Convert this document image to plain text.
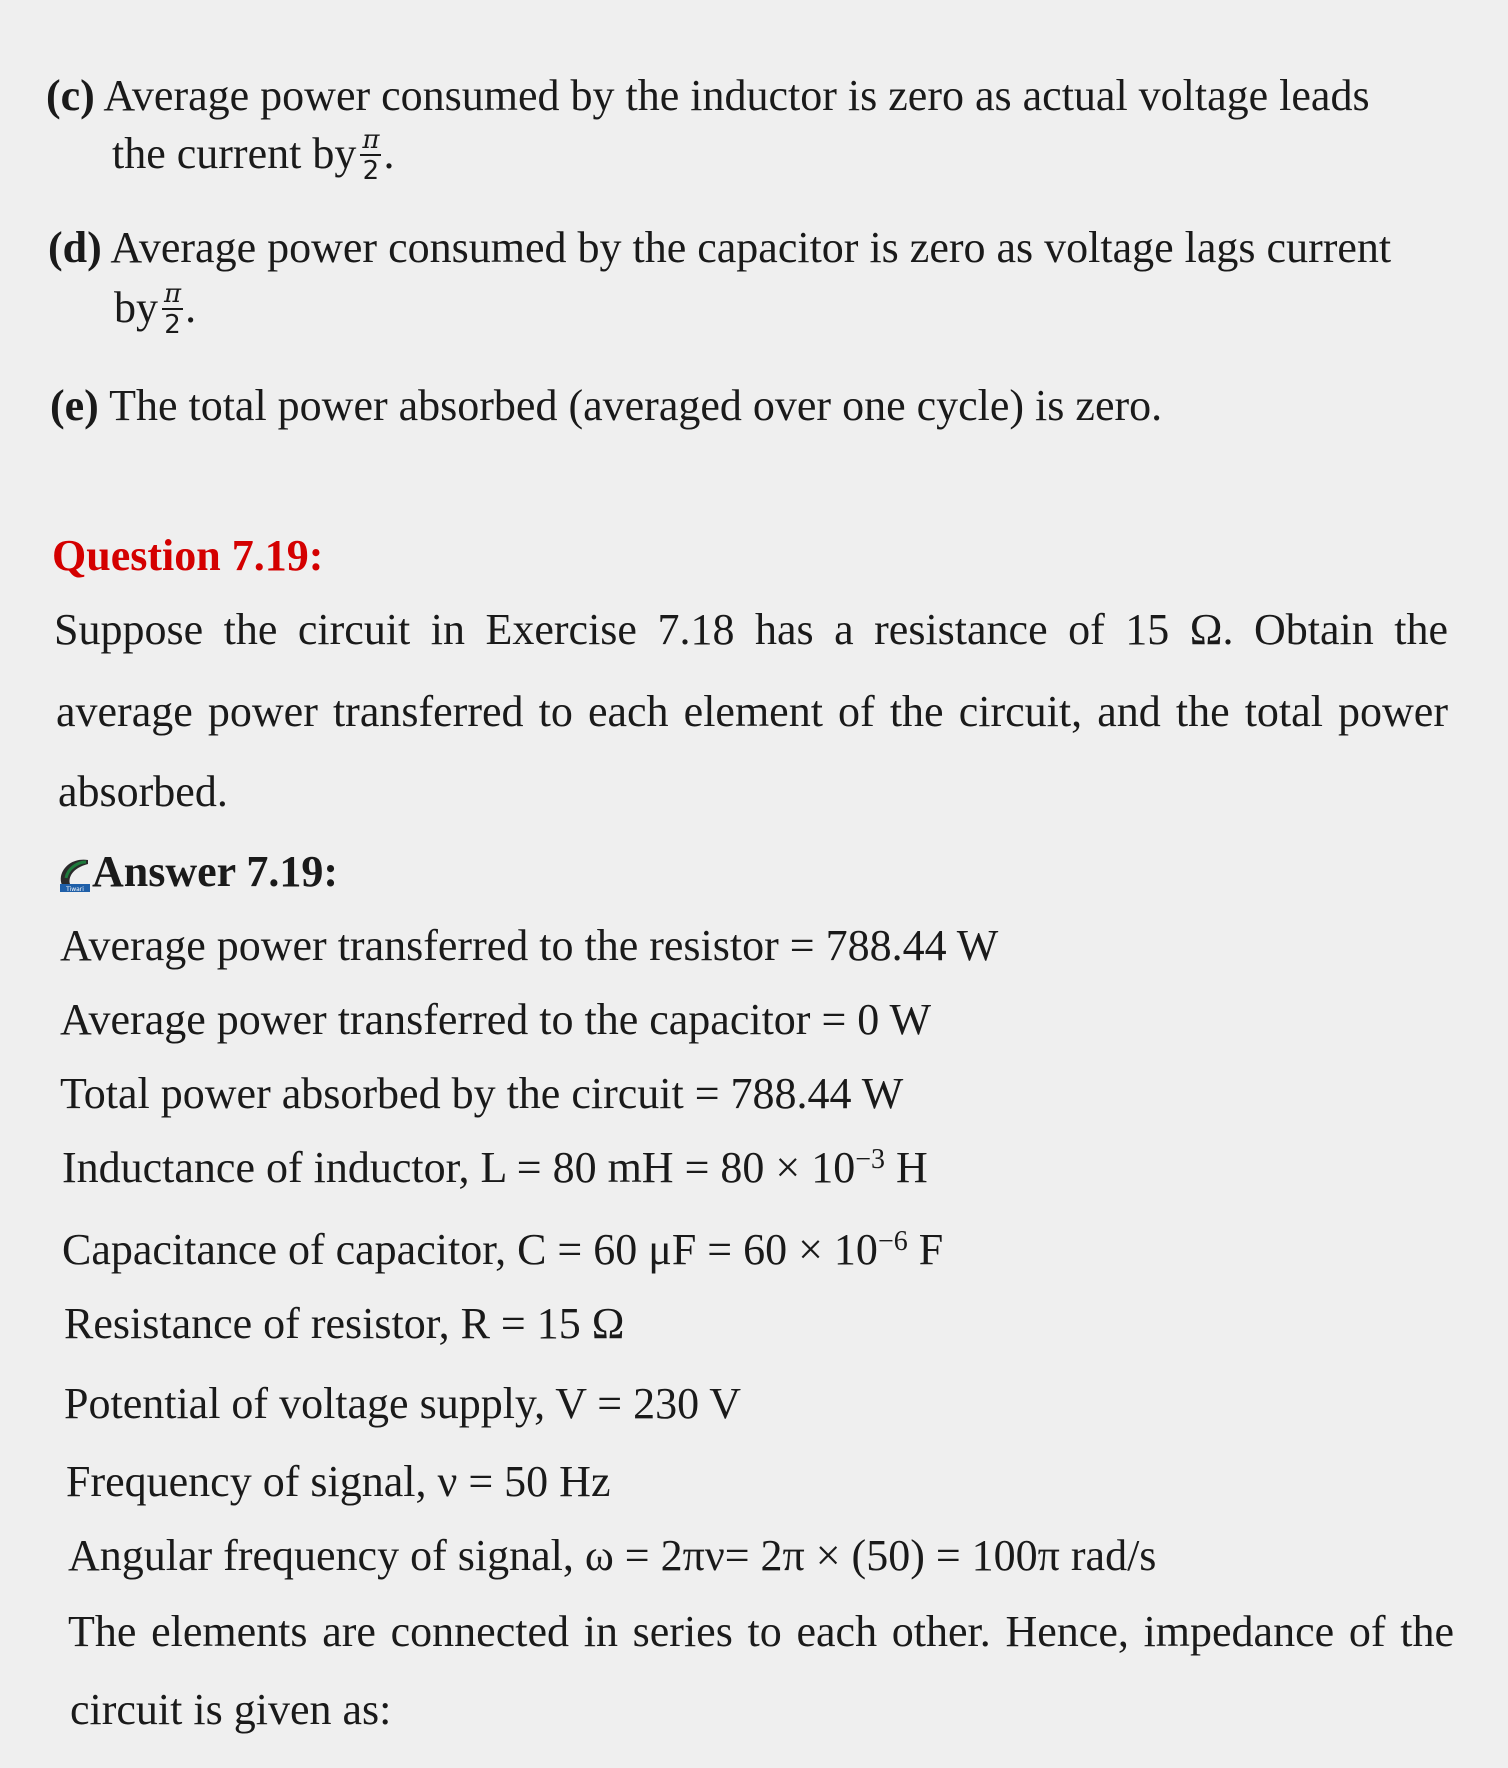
(c) Average power consumed by the inductor is zero as actual voltage leads
the current by $\frac{\pi}{2}$ .
(d) Average power consumed by the capacitor is zero as voltage lags current
by $\frac{\pi}{2}$ .
(e) The total power absorbed (averaged over one cycle) is zero.
Question 7.19:
Suppose the circuit in Exercise 7.18 has a resistance of 15 Ω. Obtain the
average power transferred to each element of the circuit, and the total power
absorbed.
Tiwari Answer 7.19:
Average power transferred to the resistor = 788.44 W
Average power transferred to the capacitor = 0 W
Total power absorbed by the circuit = 788.44 W
Inductance of inductor, L = 80 mH = $80 \times 10^{-3}$ H
Capacitance of capacitor, C = 60 $\mu F = 60 \times 10^{-6}$ F
Resistance of resistor, R = 15 Ω
Potential of voltage supply, V = 230 V
Frequency of signal, ν = 50 Hz
Angular frequency of signal, ω = 2πν= 2π × (50) = 100π rad/s
The elements are connected in series to each other. Hence, impedance of the
circuit is given as:
